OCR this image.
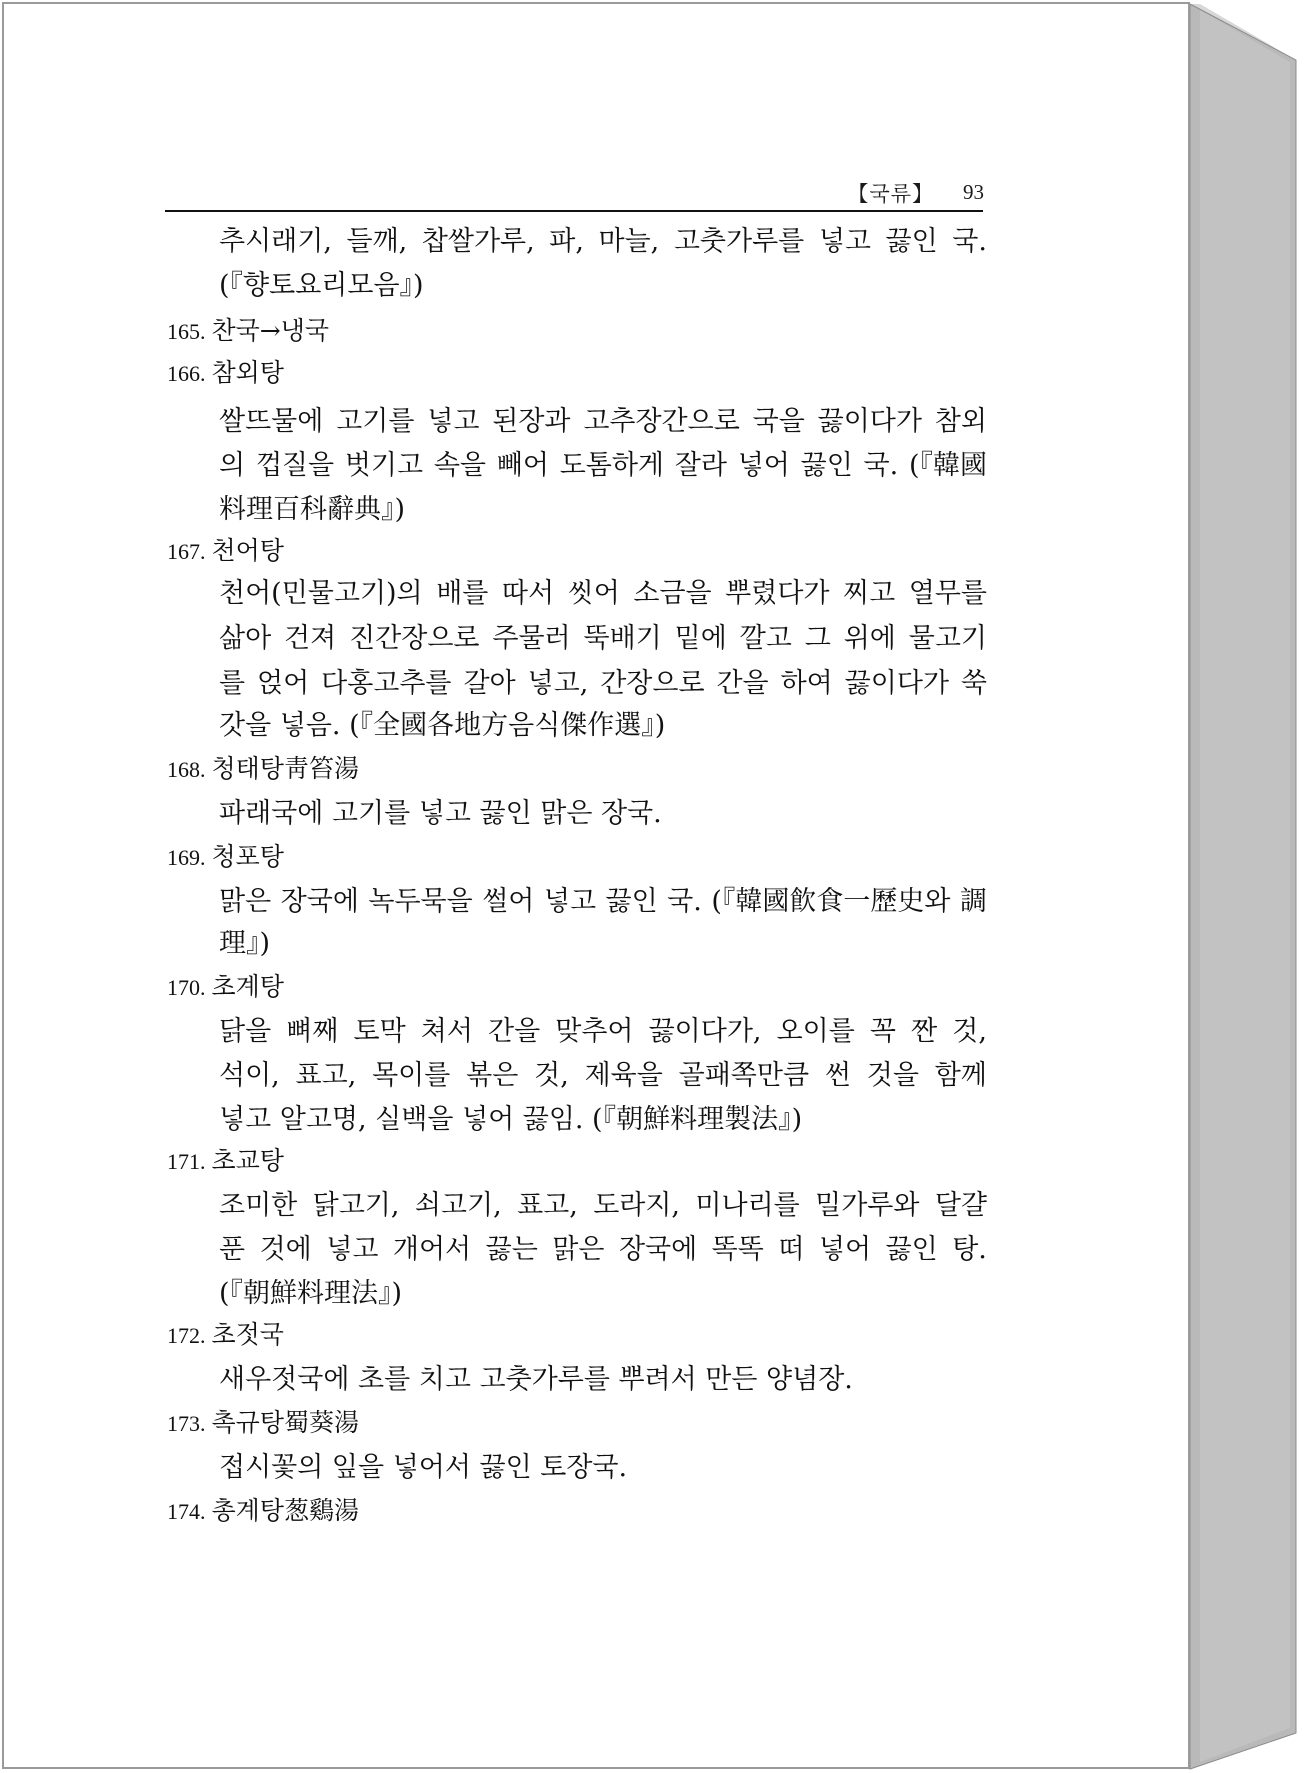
【국류】 93
추시래기, 들깨, 찹쌀가루, 파, 마늘, 고춧가루를 넣고 끓인 국.
(『향토요리모음』)
165. 찬국→냉국
166. 참외탕
쌀뜨물에 고기를 넣고 된장과 고추장간으로 국을 끓이다가 참외
의 껍질을 벗기고 속을 빼어 도톰하게 잘라 넣어 끓인 국. (『韓國
料理百科辭典』)
167. 천어탕
천어(민물고기)의 배를 따서 씻어 소금을 뿌렸다가 찌고 열무를
삶아 건져 진간장으로 주물러 뚝배기 밑에 깔고 그 위에 물고기
를 얹어 다홍고추를 갈아 넣고, 간장으로 간을 하여 끓이다가 쑥
갓을 넣음. (『全國各地方음식傑作選』)
168. 청태탕靑笞湯
파래국에 고기를 넣고 끓인 맑은 장국.
169. 청포탕
맑은 장국에 녹두묵을 썰어 넣고 끓인 국. (『韓國飮食一歷史와 調
理』)
170. 초계탕
닭을 뼈째 토막 쳐서 간을 맞추어 끓이다가, 오이를 꼭 짠 것,
석이, 표고, 목이를 볶은 것, 제육을 골패쪽만큼 썬 것을 함께
넣고 알고명, 실백을 넣어 끓임. (『朝鮮料理製法』)
171. 초교탕
조미한 닭고기, 쇠고기, 표고, 도라지, 미나리를 밀가루와 달걀
푼 것에 넣고 개어서 끓는 맑은 장국에 똑똑 떠 넣어 끓인 탕.
(『朝鮮料理法』)
172. 초젓국
새우젓국에 초를 치고 고춧가루를 뿌려서 만든 양념장.
173. 촉규탕蜀葵湯
접시꽃의 잎을 넣어서 끓인 토장국.
174. 총계탕葱鷄湯
